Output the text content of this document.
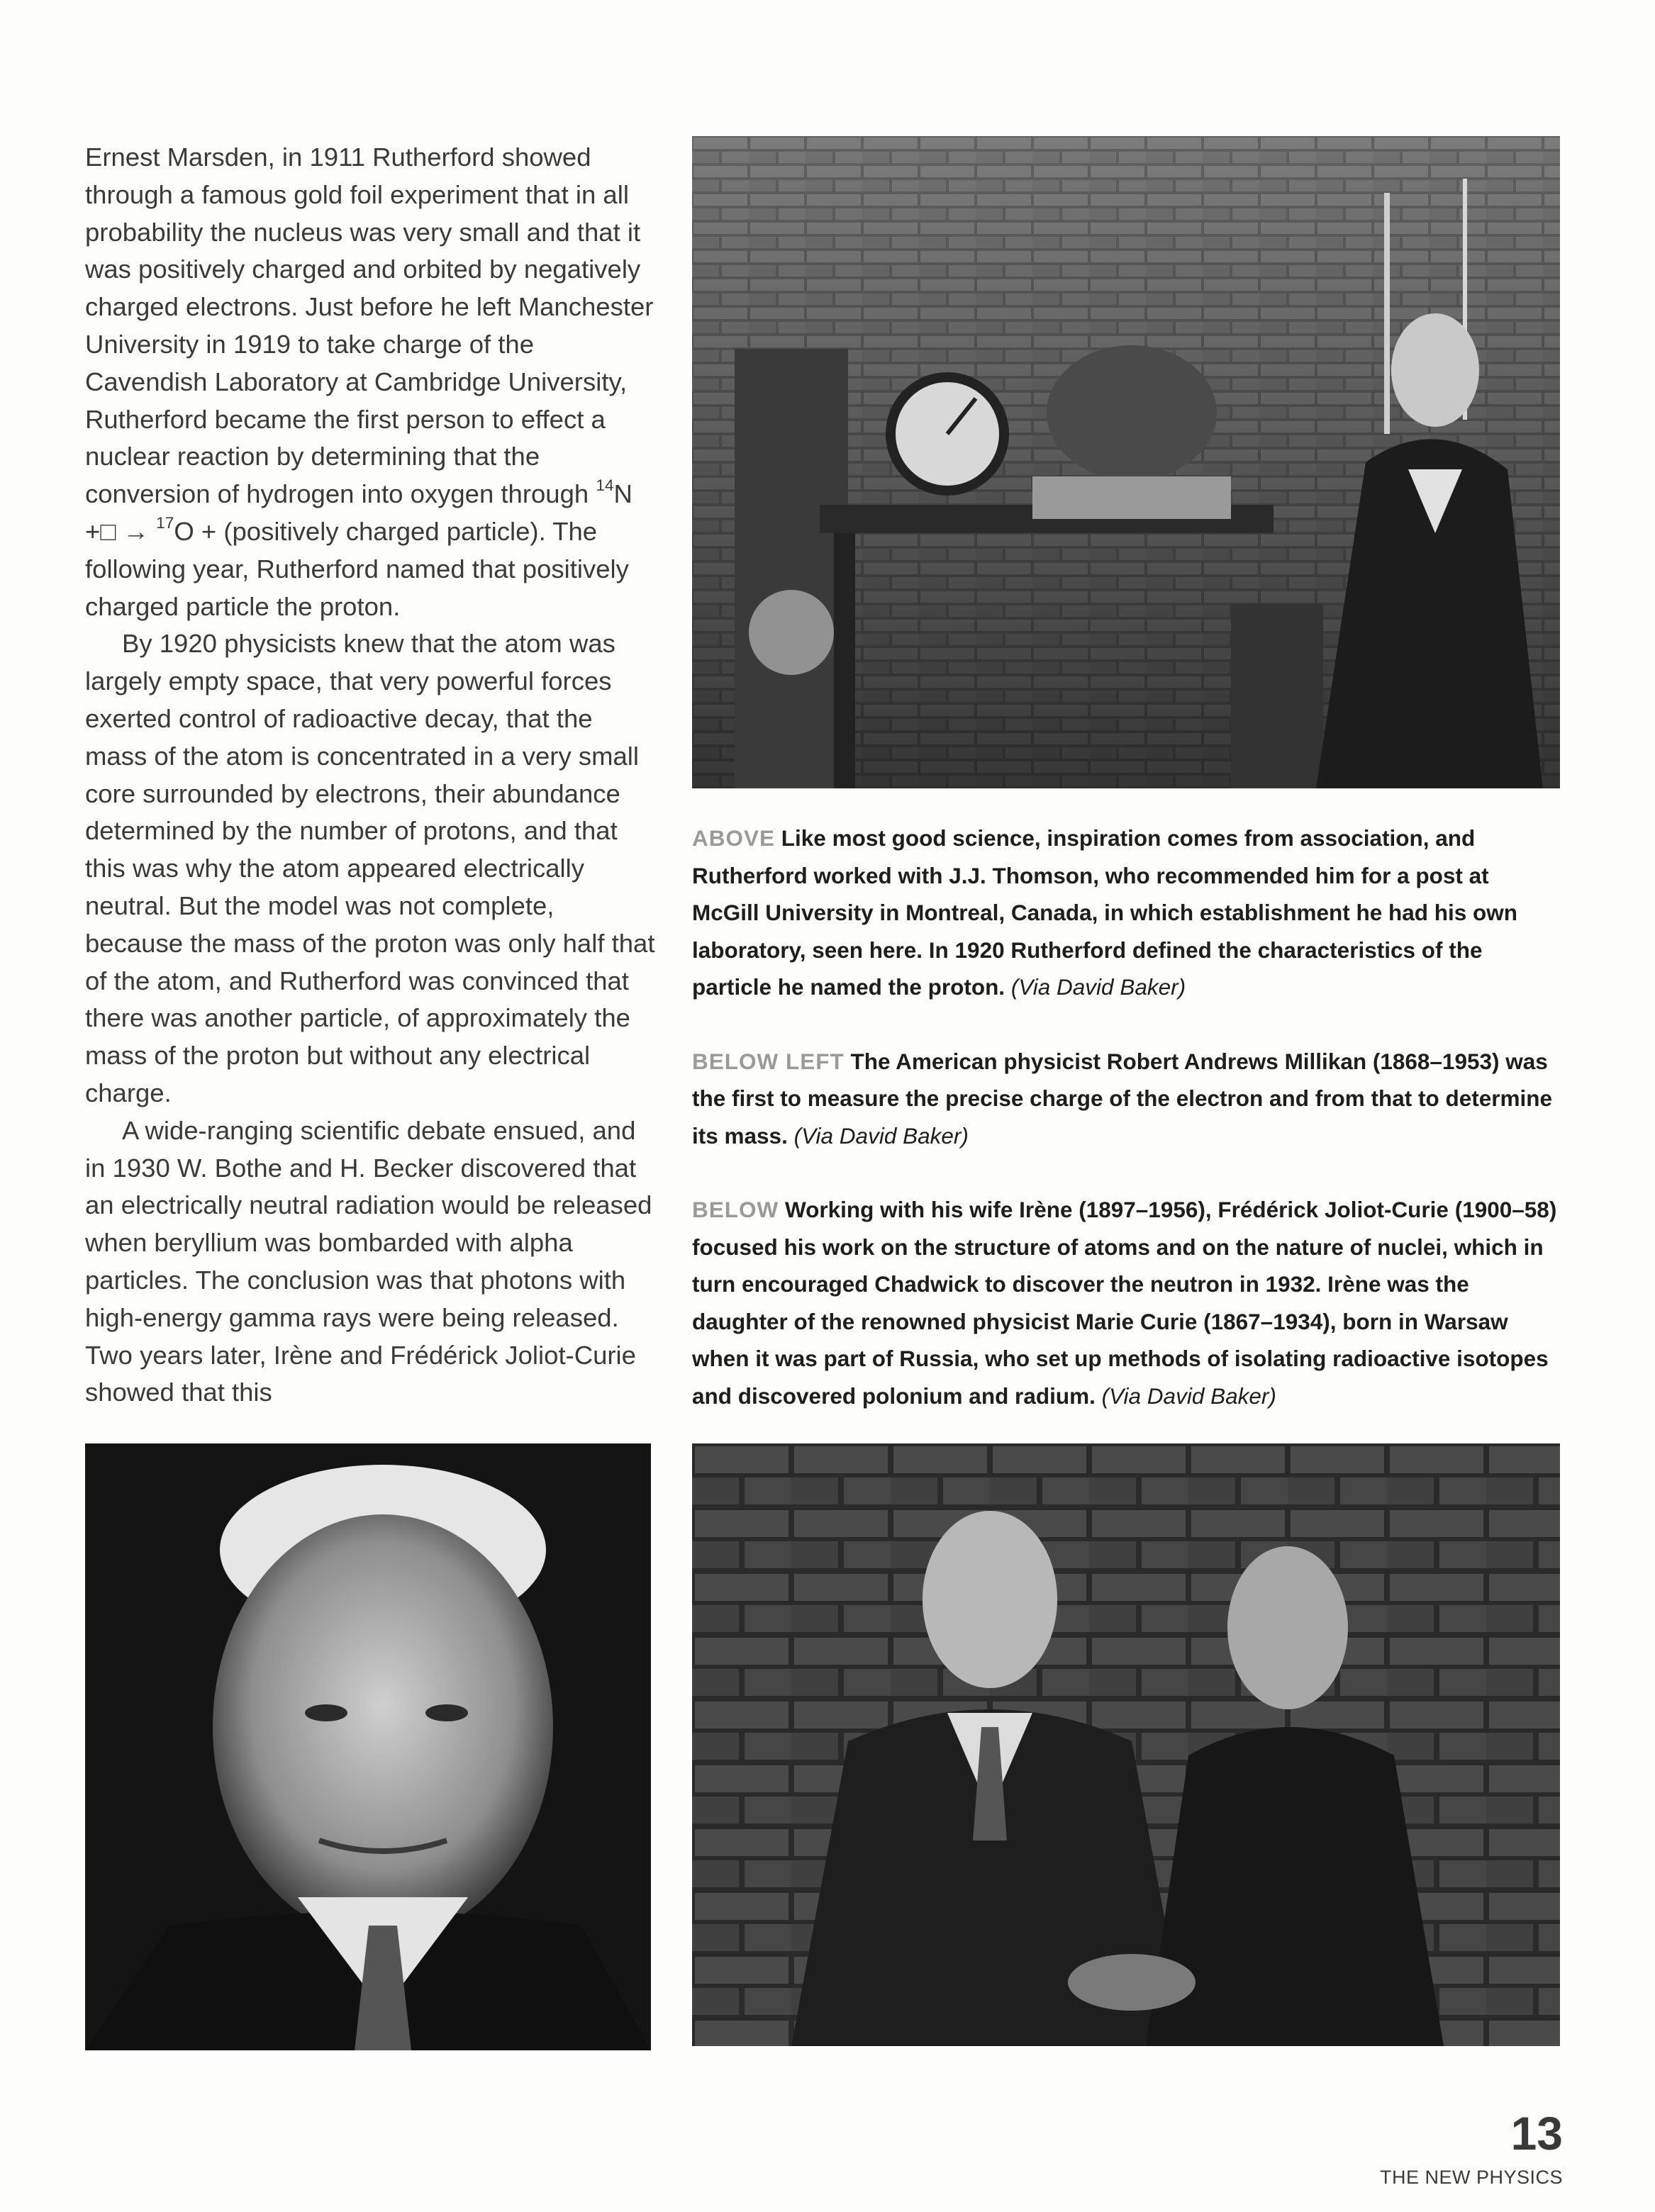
Ernest Marsden, in 1911 Rutherford showed through a famous gold foil experiment that in all probability the nucleus was very small and that it was positively charged and orbited by negatively charged electrons. Just before he left Manchester University in 1919 to take charge of the Cavendish Laboratory at Cambridge University, Rutherford became the first person to effect a nuclear reaction by determining that the conversion of hydrogen into oxygen through $^{14}$N +□ → $^{17}$O + (positively charged particle). The following year, Rutherford named that positively charged particle the proton.

By 1920 physicists knew that the atom was largely empty space, that very powerful forces exerted control of radioactive decay, that the mass of the atom is concentrated in a very small core surrounded by electrons, their abundance determined by the number of protons, and that this was why the atom appeared electrically neutral. But the model was not complete, because the mass of the proton was only half that of the atom, and Rutherford was convinced that there was another particle, of approximately the mass of the proton but without any electrical charge.

A wide-ranging scientific debate ensued, and in 1930 W. Bothe and H. Becker discovered that an electrically neutral radiation would be released when beryllium was bombarded with alpha particles. The conclusion was that photons with high-energy gamma rays were being released. Two years later, Irène and Frédérick Joliot-Curie showed that this

ABOVE Like most good science, inspiration comes from association, and Rutherford worked with J.J. Thomson, who recommended him for a post at McGill University in Montreal, Canada, in which establishment he had his own laboratory, seen here. In 1920 Rutherford defined the characteristics of the particle he named the proton. (Via David Baker)

BELOW LEFT The American physicist Robert Andrews Millikan (1868–1953) was the first to measure the precise charge of the electron and from that to determine its mass. (Via David Baker)

BELOW Working with his wife Irène (1897–1956), Frédérick Joliot-Curie (1900–58) focused his work on the structure of atoms and on the nature of nuclei, which in turn encouraged Chadwick to discover the neutron in 1932. Irène was the daughter of the renowned physicist Marie Curie (1867–1934), born in Warsaw when it was part of Russia, who set up methods of isolating radioactive isotopes and discovered polonium and radium. (Via David Baker)

13
THE NEW PHYSICS
